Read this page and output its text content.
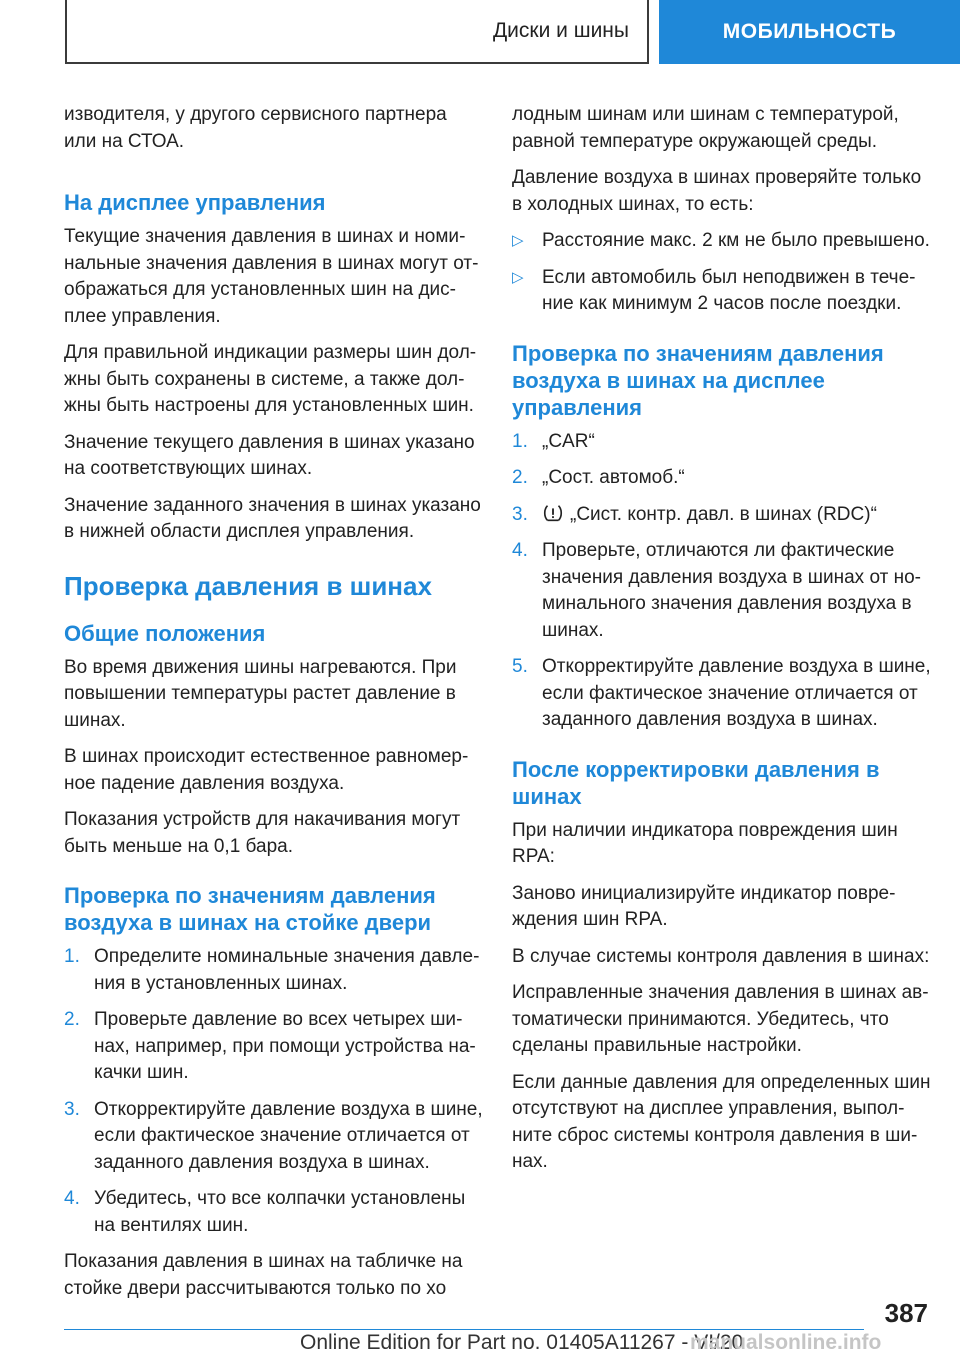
Диски и шины	МОБИЛЬНОСТЬ

изводителя, у другого сервисного партнера или на СТОА.

На дисплее управления

Текущие значения давления в шинах и номинальные значения давления в шинах могут отображаться для установленных шин на дисплее управления.

Для правильной индикации размеры шин должны быть сохранены в системе, а также должны быть настроены для установленных шин.

Значение текущего давления в шинах указано на соответствующих шинах.

Значение заданного значения в шинах указано в нижней области дисплея управления.

Проверка давления в шинах
Общие положения

Во время движения шины нагреваются. При повышении температуры растет давление в шинах.

В шинах происходит естественное равномерное падение давления воздуха.

Показания устройств для накачивания могут быть меньше на 0,1 бара.

Проверка по значениям давления воздуха в шинах на стойке двери
1. Определите номинальные значения давления в установленных шинах.
2. Проверьте давление во всех четырех шинах, например, при помощи устройства накачки шин.
3. Откорректируйте давление воздуха в шине, если фактическое значение отличается от заданного давления воздуха в шинах.
4. Убедитесь, что все колпачки установлены на вентилях шин.

Показания давления в шинах на табличке на стойке двери рассчитываются только по хо

лодным шинам или шинам с температурой, равной температуре окружающей среды.

Давление воздуха в шинах проверяйте только в холодных шинах, то есть:

▷ Расстояние макс. 2 км не было превышено.
▷ Если автомобиль был неподвижен в течение как минимум 2 часов после поездки.
Проверка по значениям давления воздуха в шинах на дисплее управления
1. „CAR“
2. „Сост. автомоб.“
3. „Сист. контр. давл. в шинах (RDC)“
4. Проверьте, отличаются ли фактические значения давления воздуха в шинах от номинального значения давления воздуха в шинах.
5. Откорректируйте давление воздуха в шине, если фактическое значение отличается от заданного давления воздуха в шинах.
После корректировки давления в шинах

При наличии индикатора повреждения шин RPA:

Заново инициализируйте индикатор повреждения шин RPA.

В случае системы контроля давления в шинах:

Исправленные значения давления в шинах автоматически принимаются. Убедитесь, что сделаны правильные настройки.

Если данные давления для определенных шин отсутствуют на дисплее управления, выполните сброс системы контроля давления в шинах.

387
Online Edition for Part no. 01405A11267 - VI/20
manualsonline.info
